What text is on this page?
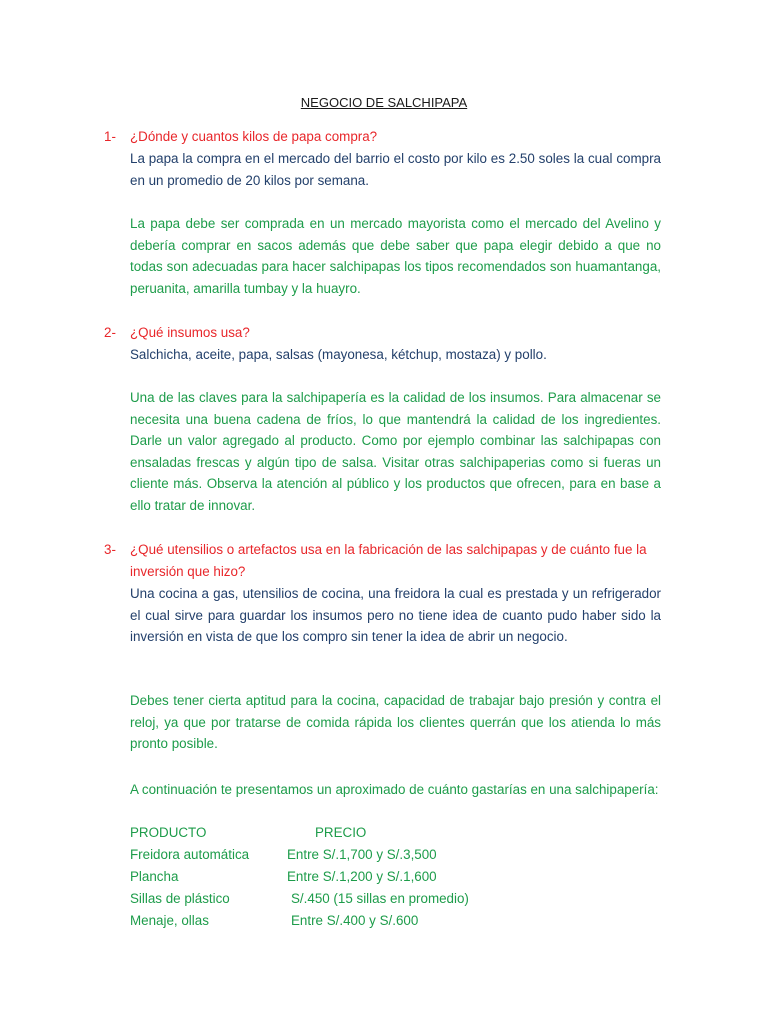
NEGOCIO DE SALCHIPAPA
1- ¿Dónde y cuantos kilos de papa compra?
La papa la compra en el mercado del barrio el costo por kilo es 2.50 soles la cual compra en un promedio de 20 kilos por semana.
La papa debe ser comprada en un mercado mayorista como el mercado del Avelino y debería comprar en sacos además que debe saber que papa elegir debido a que no todas son adecuadas para hacer salchipapas los tipos recomendados son huamantanga, peruanita, amarilla tumbay y la huayro.
2- ¿Qué insumos usa?
Salchicha, aceite, papa, salsas (mayonesa, kétchup, mostaza) y pollo.
Una de las claves para la salchipapería es la calidad de los insumos. Para almacenar se necesita una buena cadena de fríos, lo que mantendrá la calidad de los ingredientes. Darle un valor agregado al producto. Como por ejemplo combinar las salchipapas con ensaladas frescas y algún tipo de salsa. Visitar otras salchipaperias como si fueras un cliente más. Observa la atención al público y los productos que ofrecen, para en base a ello tratar de innovar.
3- ¿Qué utensilios o artefactos usa en la fabricación de las salchipapas y de cuánto fue la inversión que hizo?
Una cocina a gas, utensilios de cocina, una freidora la cual es prestada y un refrigerador el cual sirve para guardar los insumos pero no tiene idea de cuanto pudo haber sido la inversión en vista de que los compro sin tener la idea de abrir un negocio.
Debes tener cierta aptitud para la cocina, capacidad de trabajar bajo presión y contra el reloj, ya que por tratarse de comida rápida los clientes querrán que los atienda lo más pronto posible.
A continuación te presentamos un aproximado de cuánto gastarías en una salchipapería:
PRODUCTO	PRECIO
Freidora automática	Entre S/.1,700 y S/.3,500
Plancha	Entre S/.1,200 y S/.1,600
Sillas de plástico	S/.450 (15 sillas en promedio)
Menaje, ollas	Entre S/.400 y S/.600
